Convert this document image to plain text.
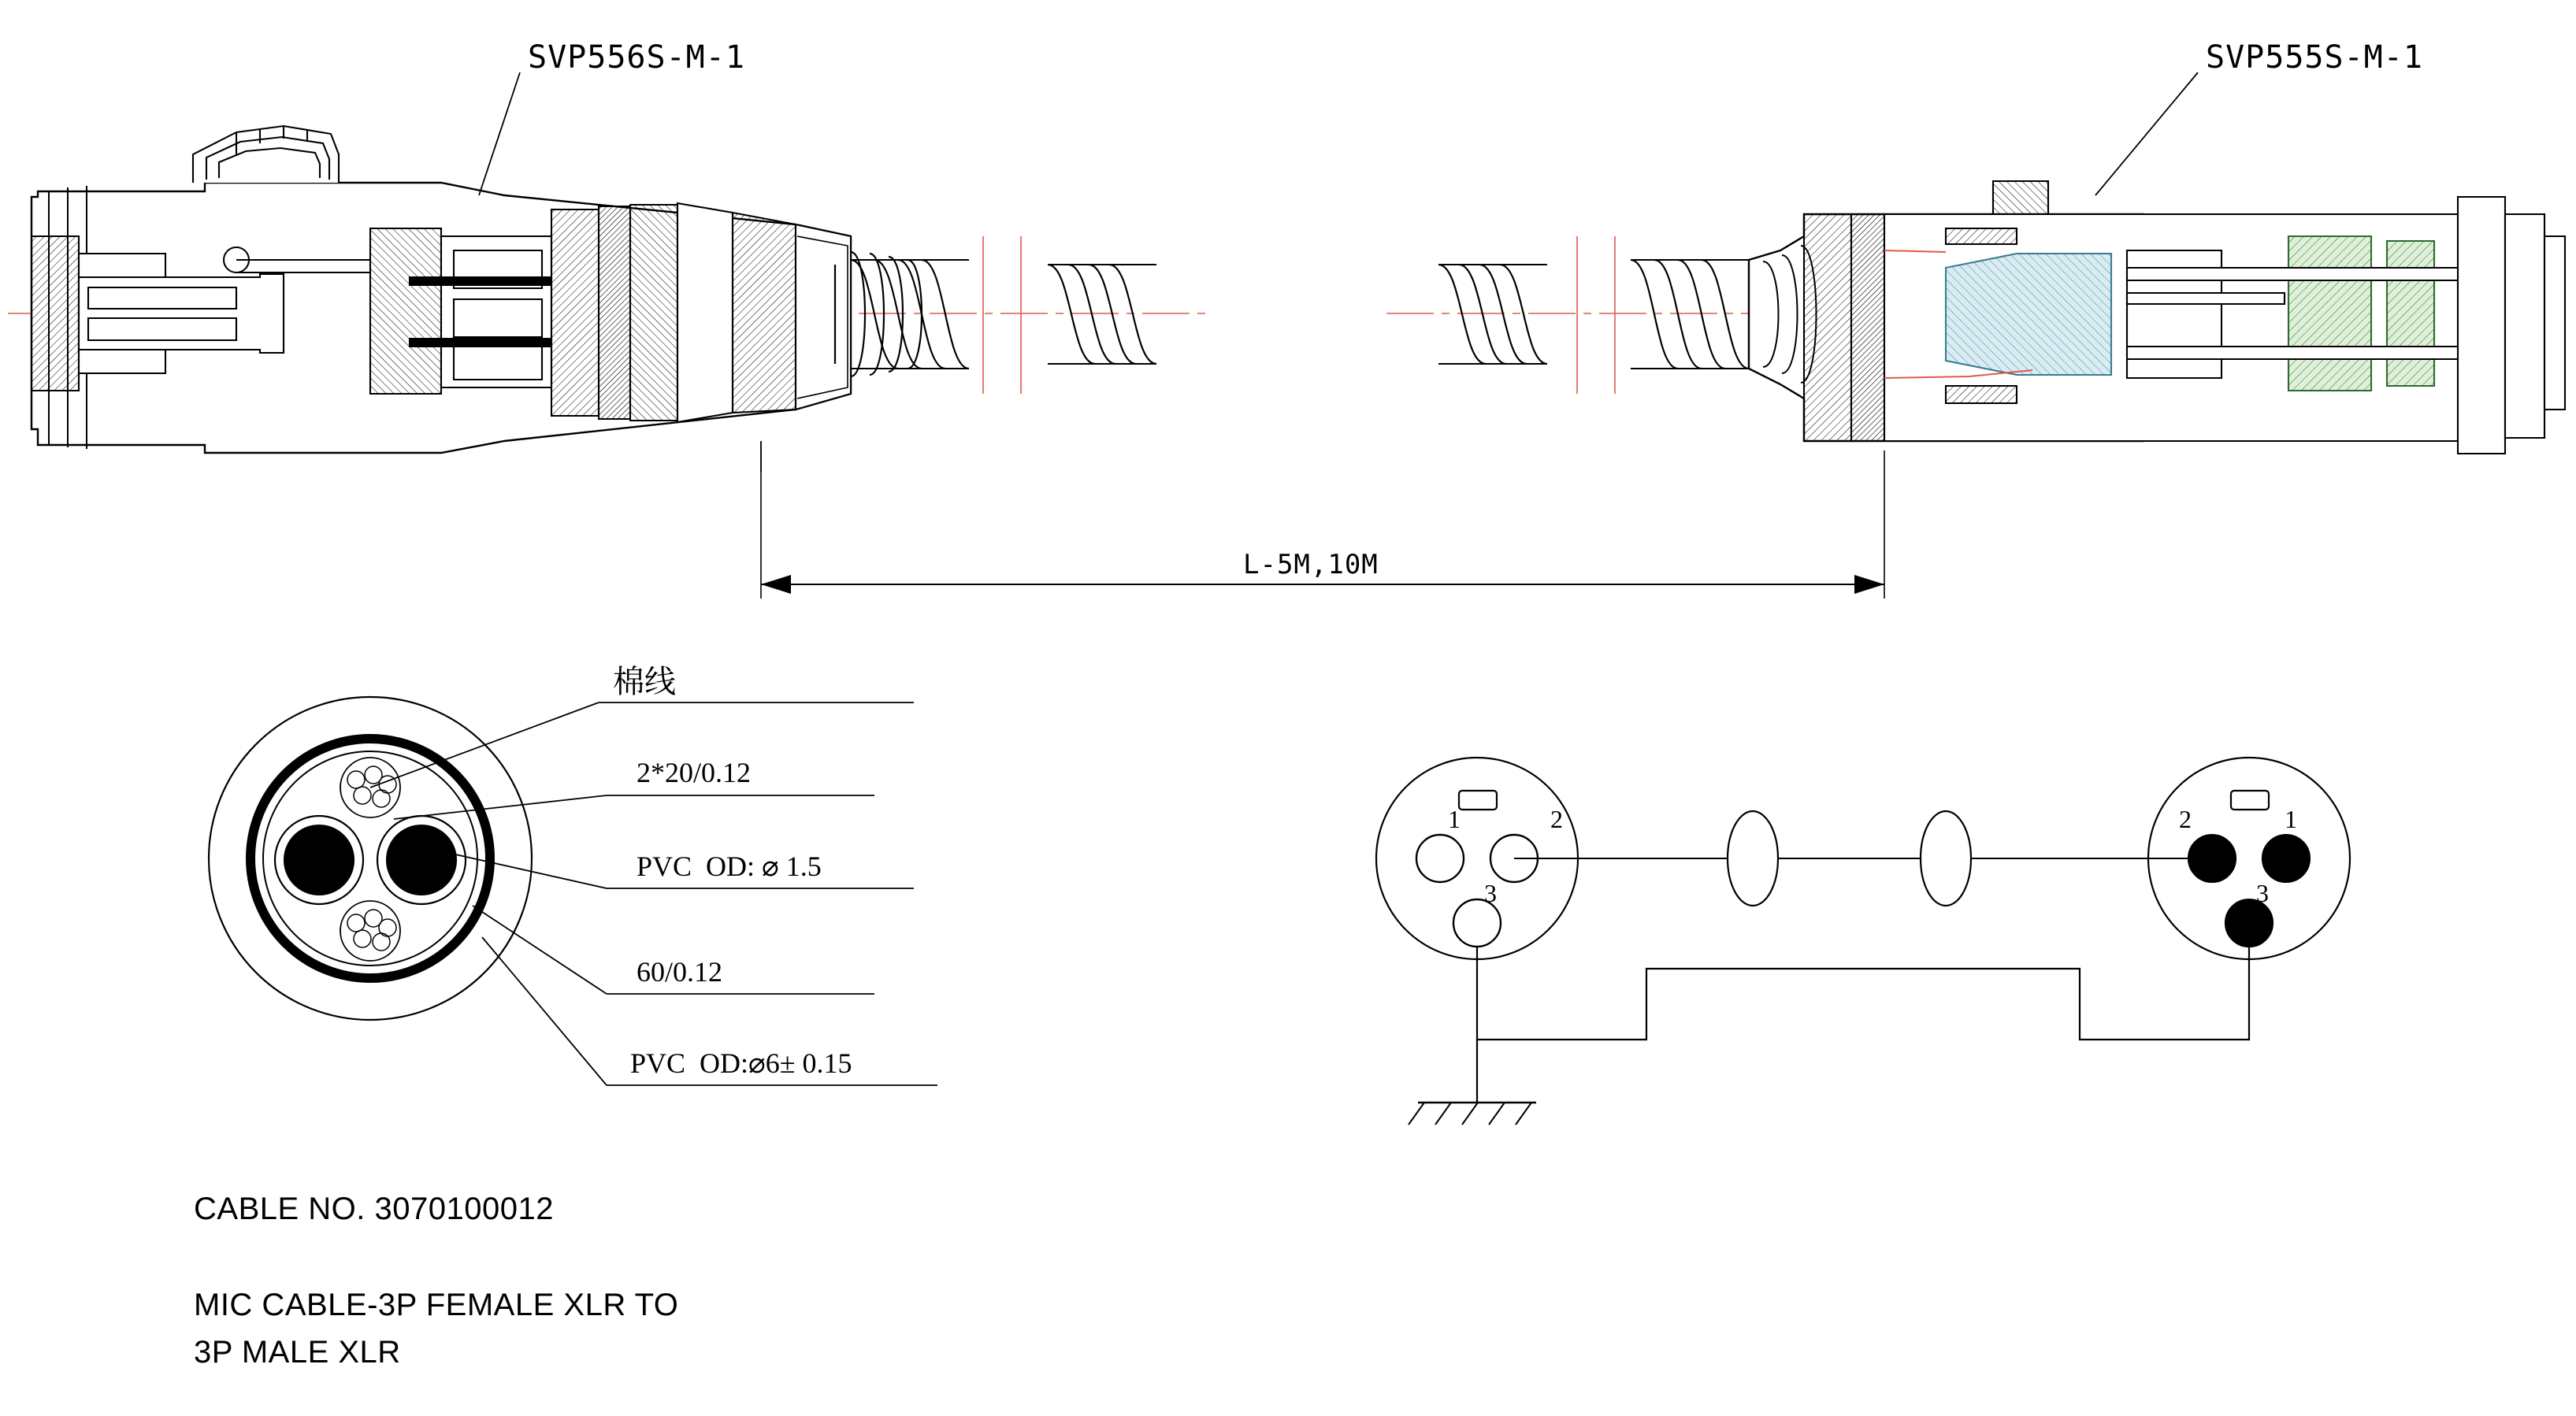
SVP556S-M-1	SVP555S-M-1
L-5M,10M
棉线
2*20/0.12
PVC  OD: ⌀ 1.5
60/0.12
PVC  OD:⌀6± 0.15
1	2
3
2	1
3
CABLE NO. 3070100012
MIC CABLE-3P FEMALE XLR TO
3P MALE XLR
